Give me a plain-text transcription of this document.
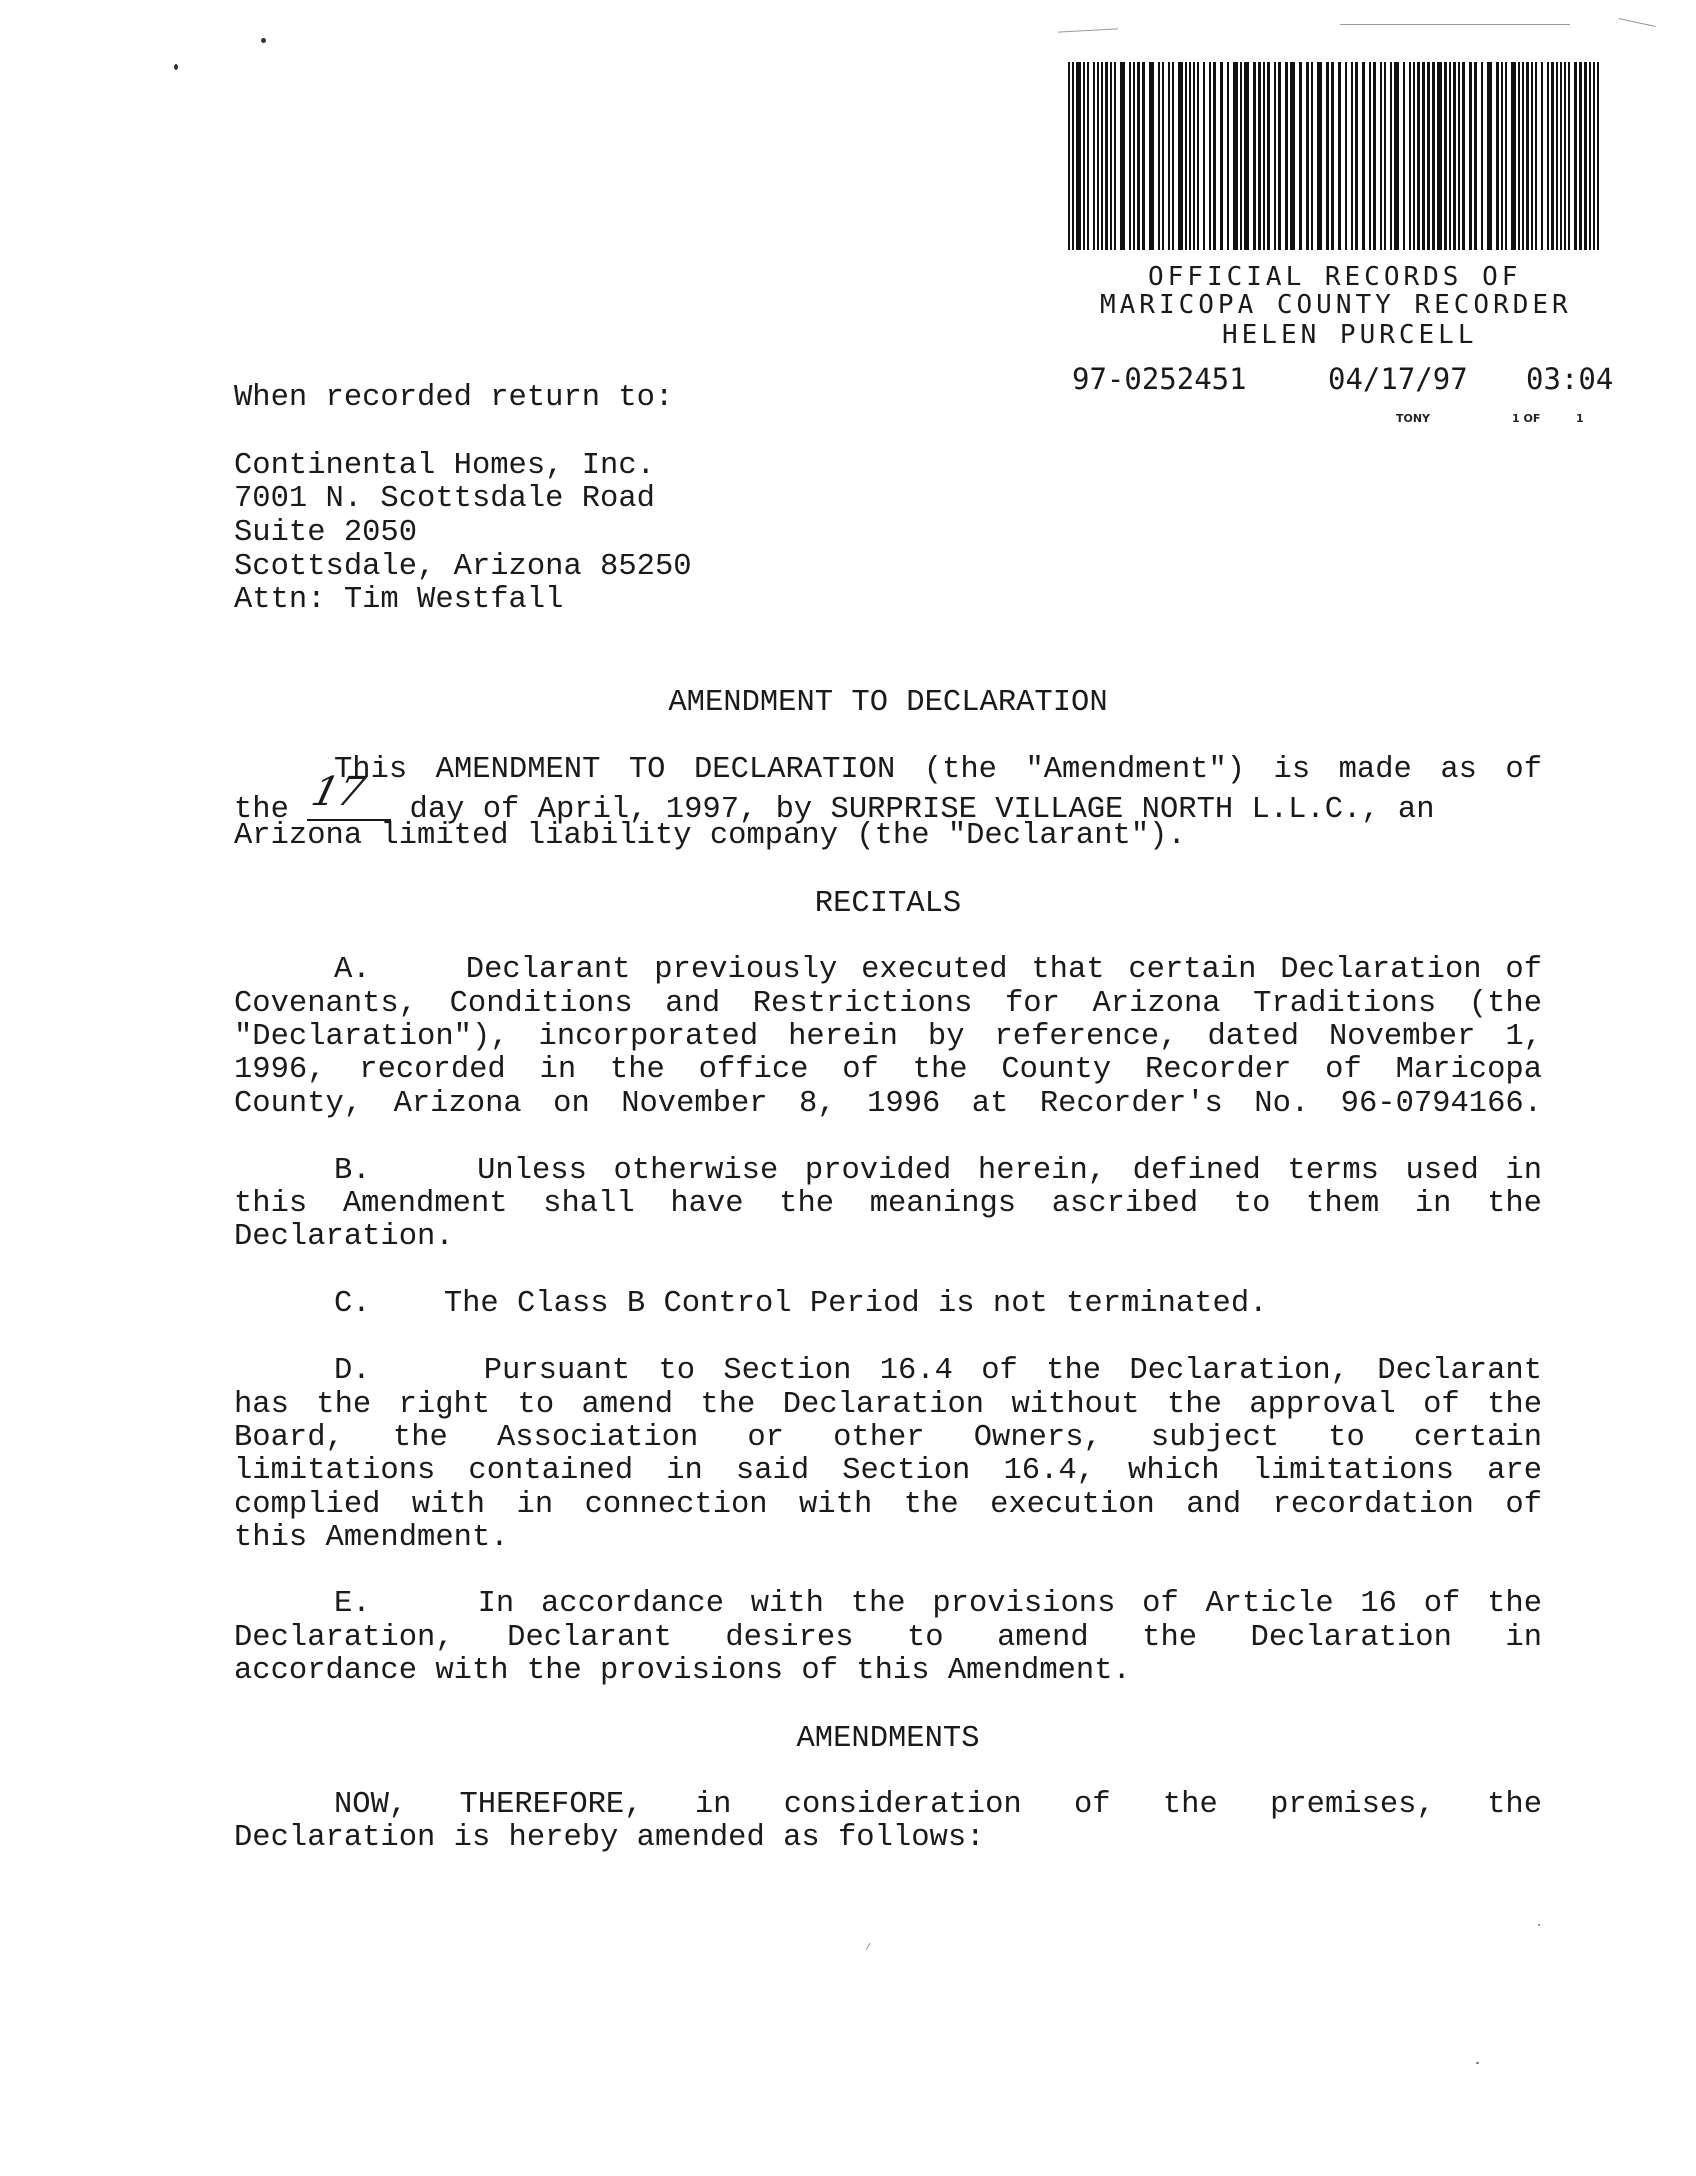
OFFICIAL RECORDS OF
MARICOPA COUNTY RECORDER
HELEN PURCELL
97-0252451	04/17/97 03:04
TONY	1 OF	1
When recorded return to:
Continental Homes, Inc.
7001 N. Scottsdale Road
Suite 2050
Scottsdale, Arizona 85250
Attn: Tim Westfall
AMENDMENT TO DECLARATION
This AMENDMENT TO DECLARATION (the "Amendment") is made as of
the 17 day of April, 1997, by SURPRISE VILLAGE NORTH L.L.C., an
Arizona limited liability company (the "Declarant").
RECITALS
A.    Declarant previously executed that certain Declaration of
Covenants, Conditions and Restrictions for Arizona Traditions (the
"Declaration"), incorporated herein by reference, dated November 1,
1996, recorded in the office of the County Recorder of Maricopa
County, Arizona on November 8, 1996 at Recorder's No. 96-0794166.
B.    Unless otherwise provided herein, defined terms used in
this Amendment shall have the meanings ascribed to them in the
Declaration.
C.    The Class B Control Period is not terminated.
D.    Pursuant to Section 16.4 of the Declaration, Declarant
has the right to amend the Declaration without the approval of the
Board, the Association or other Owners, subject to certain
limitations contained in said Section 16.4, which limitations are
complied with in connection with the execution and recordation of
this Amendment.
E.    In accordance with the provisions of Article 16 of the
Declaration, Declarant desires to amend the Declaration in
accordance with the provisions of this Amendment.
AMENDMENTS
NOW, THEREFORE, in consideration of the premises, the
Declaration is hereby amended as follows:
